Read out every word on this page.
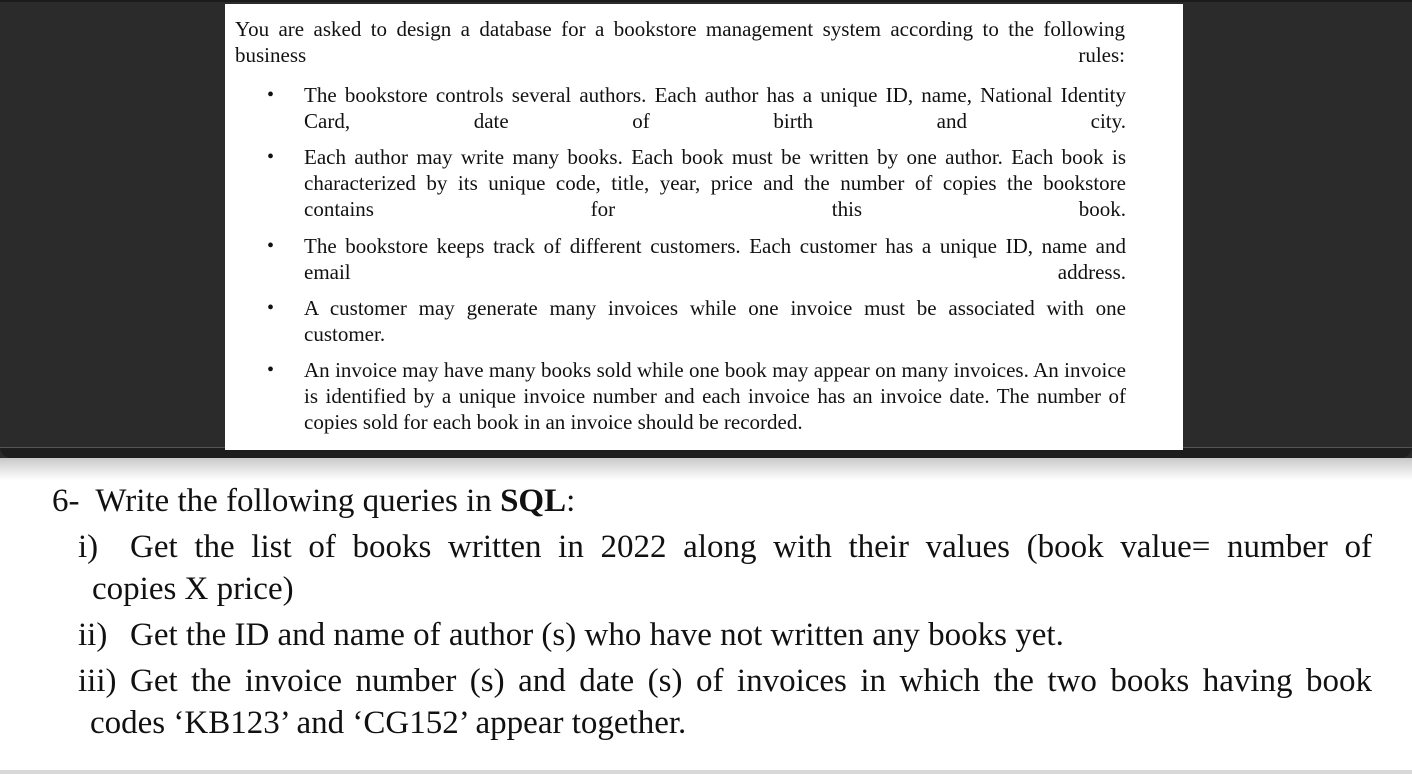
You are asked to design a database for a bookstore management system according to the following business rules:

• The bookstore controls several authors. Each author has a unique ID, name, National Identity Card, date of birth and city.

• Each author may write many books. Each book must be written by one author. Each book is characterized by its unique code, title, year, price and the number of copies the bookstore contains for this book.

• The bookstore keeps track of different customers. Each customer has a unique ID, name and email address.

• A customer may generate many invoices while one invoice must be associated with one customer.

• An invoice may have many books sold while one book may appear on many invoices. An invoice is identified by a unique invoice number and each invoice has an invoice date. The number of copies sold for each book in an invoice should be recorded.

6- Write the following queries in SQL:

i) Get the list of books written in 2022 along with their values (book value= number of

copies X price)

ii) Get the ID and name of author (s) who have not written any books yet.

iii) Get the invoice number (s) and date (s) of invoices in which the two books having book

codes ‘KB123’ and ‘CG152’ appear together.
